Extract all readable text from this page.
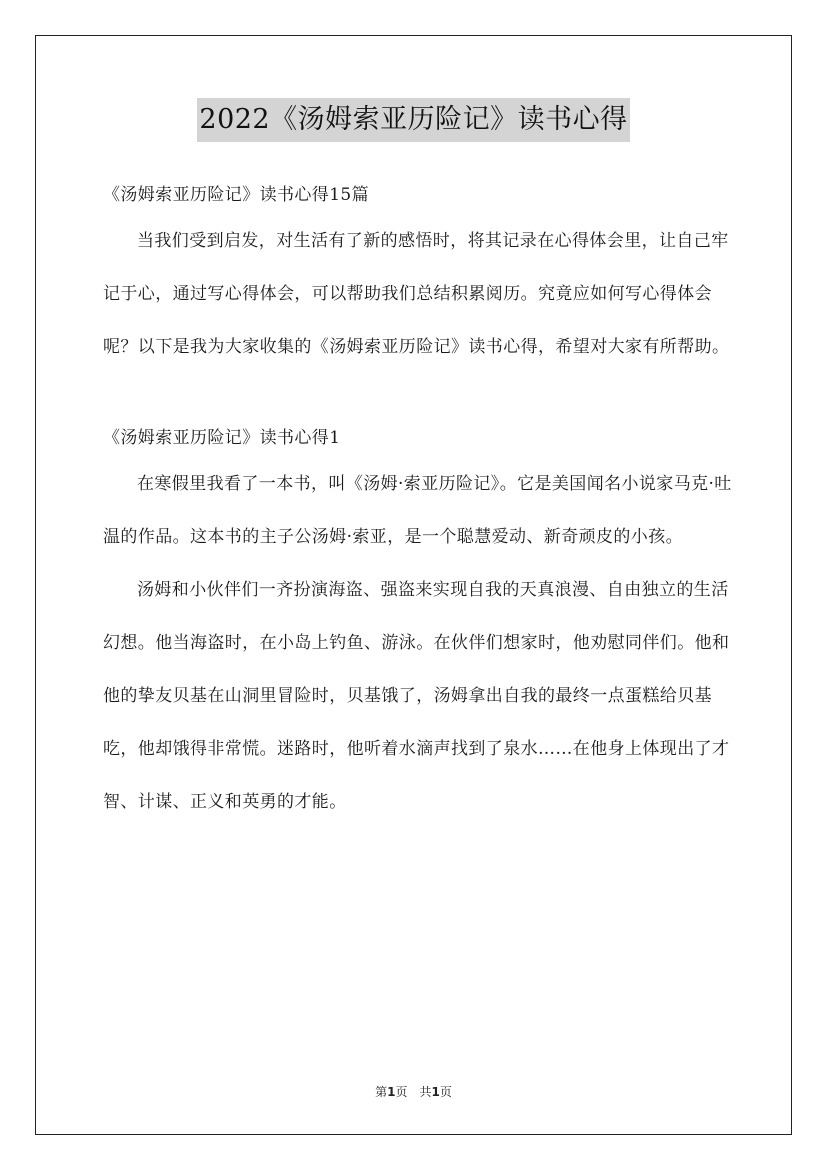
2022《汤姆索亚历险记》读书心得
《汤姆索亚历险记》读书心得15篇

当我们受到启发，对生活有了新的感悟时，将其记录在心得体会里，让自己牢记于心，通过写心得体会，可以帮助我们总结积累阅历。究竟应如何写心得体会呢？以下是我为大家收集的《汤姆索亚历险记》读书心得，希望对大家有所帮助。

《汤姆索亚历险记》读书心得1

在寒假里我看了一本书，叫《汤姆·索亚历险记》。它是美国闻名小说家马克·吐温的作品。这本书的主子公汤姆·索亚，是一个聪慧爱动、新奇顽皮的小孩。

汤姆和小伙伴们一齐扮演海盗、强盗来实现自我的天真浪漫、自由独立的生活幻想。他当海盗时，在小岛上钓鱼、游泳。在伙伴们想家时，他劝慰同伴们。他和他的挚友贝基在山洞里冒险时，贝基饿了，汤姆拿出自我的最终一点蛋糕给贝基吃，他却饿得非常慌。迷路时，他听着水滴声找到了泉水……在他身上体现出了才智、计谋、正义和英勇的才能。

第1页　共1页
